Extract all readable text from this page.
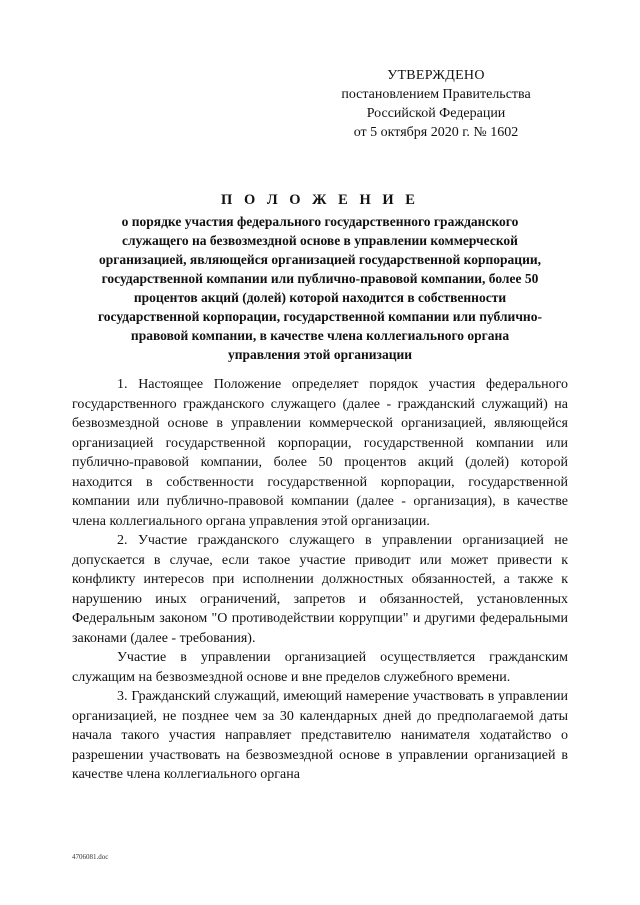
УТВЕРЖДЕНО
постановлением Правительства
Российской Федерации
от 5 октября 2020 г. № 1602
П О Л О Ж Е Н И Е
о порядке участия федерального государственного гражданского служащего на безвозмездной основе в управлении коммерческой организацией, являющейся организацией государственной корпорации, государственной компании или публично-правовой компании, более 50 процентов акций (долей) которой находится в собственности государственной корпорации, государственной компании или публично-правовой компании, в качестве члена коллегиального органа управления этой организации

1. Настоящее Положение определяет порядок участия федерального государственного гражданского служащего (далее - гражданский служащий) на безвозмездной основе в управлении коммерческой организацией, являющейся организацией государственной корпорации, государственной компании или публично-правовой компании, более 50 процентов акций (долей) которой находится в собственности государственной корпорации, государственной компании или публично-правовой компании (далее - организация), в качестве члена коллегиального органа управления этой организации.

2. Участие гражданского служащего в управлении организацией не допускается в случае, если такое участие приводит или может привести к конфликту интересов при исполнении должностных обязанностей, а также к нарушению иных ограничений, запретов и обязанностей, установленных Федеральным законом "О противодействии коррупции" и другими федеральными законами (далее - требования).

Участие в управлении организацией осуществляется гражданским служащим на безвозмездной основе и вне пределов служебного времени.

3. Гражданский служащий, имеющий намерение участвовать в управлении организацией, не позднее чем за 30 календарных дней до предполагаемой даты начала такого участия направляет представителю нанимателя ходатайство о разрешении участвовать на безвозмездной основе в управлении организацией в качестве члена коллегиального органа

4706081.doc
